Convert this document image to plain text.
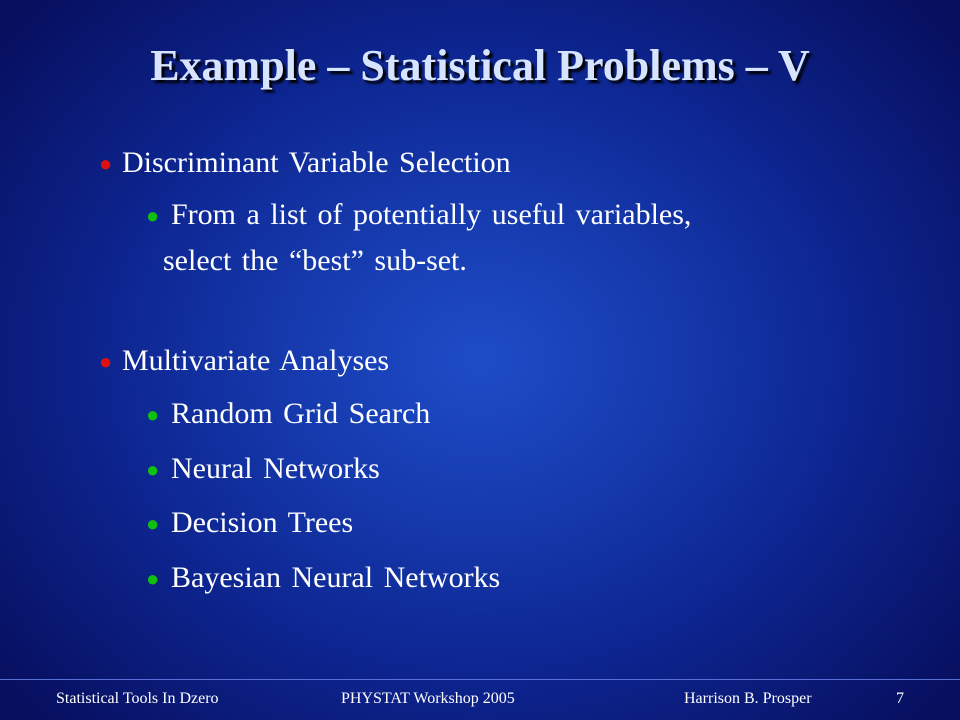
Example – Statistical Problems – V
● Discriminant Variable Selection
● From a list of potentially useful variables,
select the “best” sub-set.
● Multivariate Analyses
● Random Grid Search
● Neural Networks
● Decision Trees
● Bayesian Neural Networks
Statistical Tools In Dzero	PHYSTAT Workshop 2005	Harrison B. Prosper	7
